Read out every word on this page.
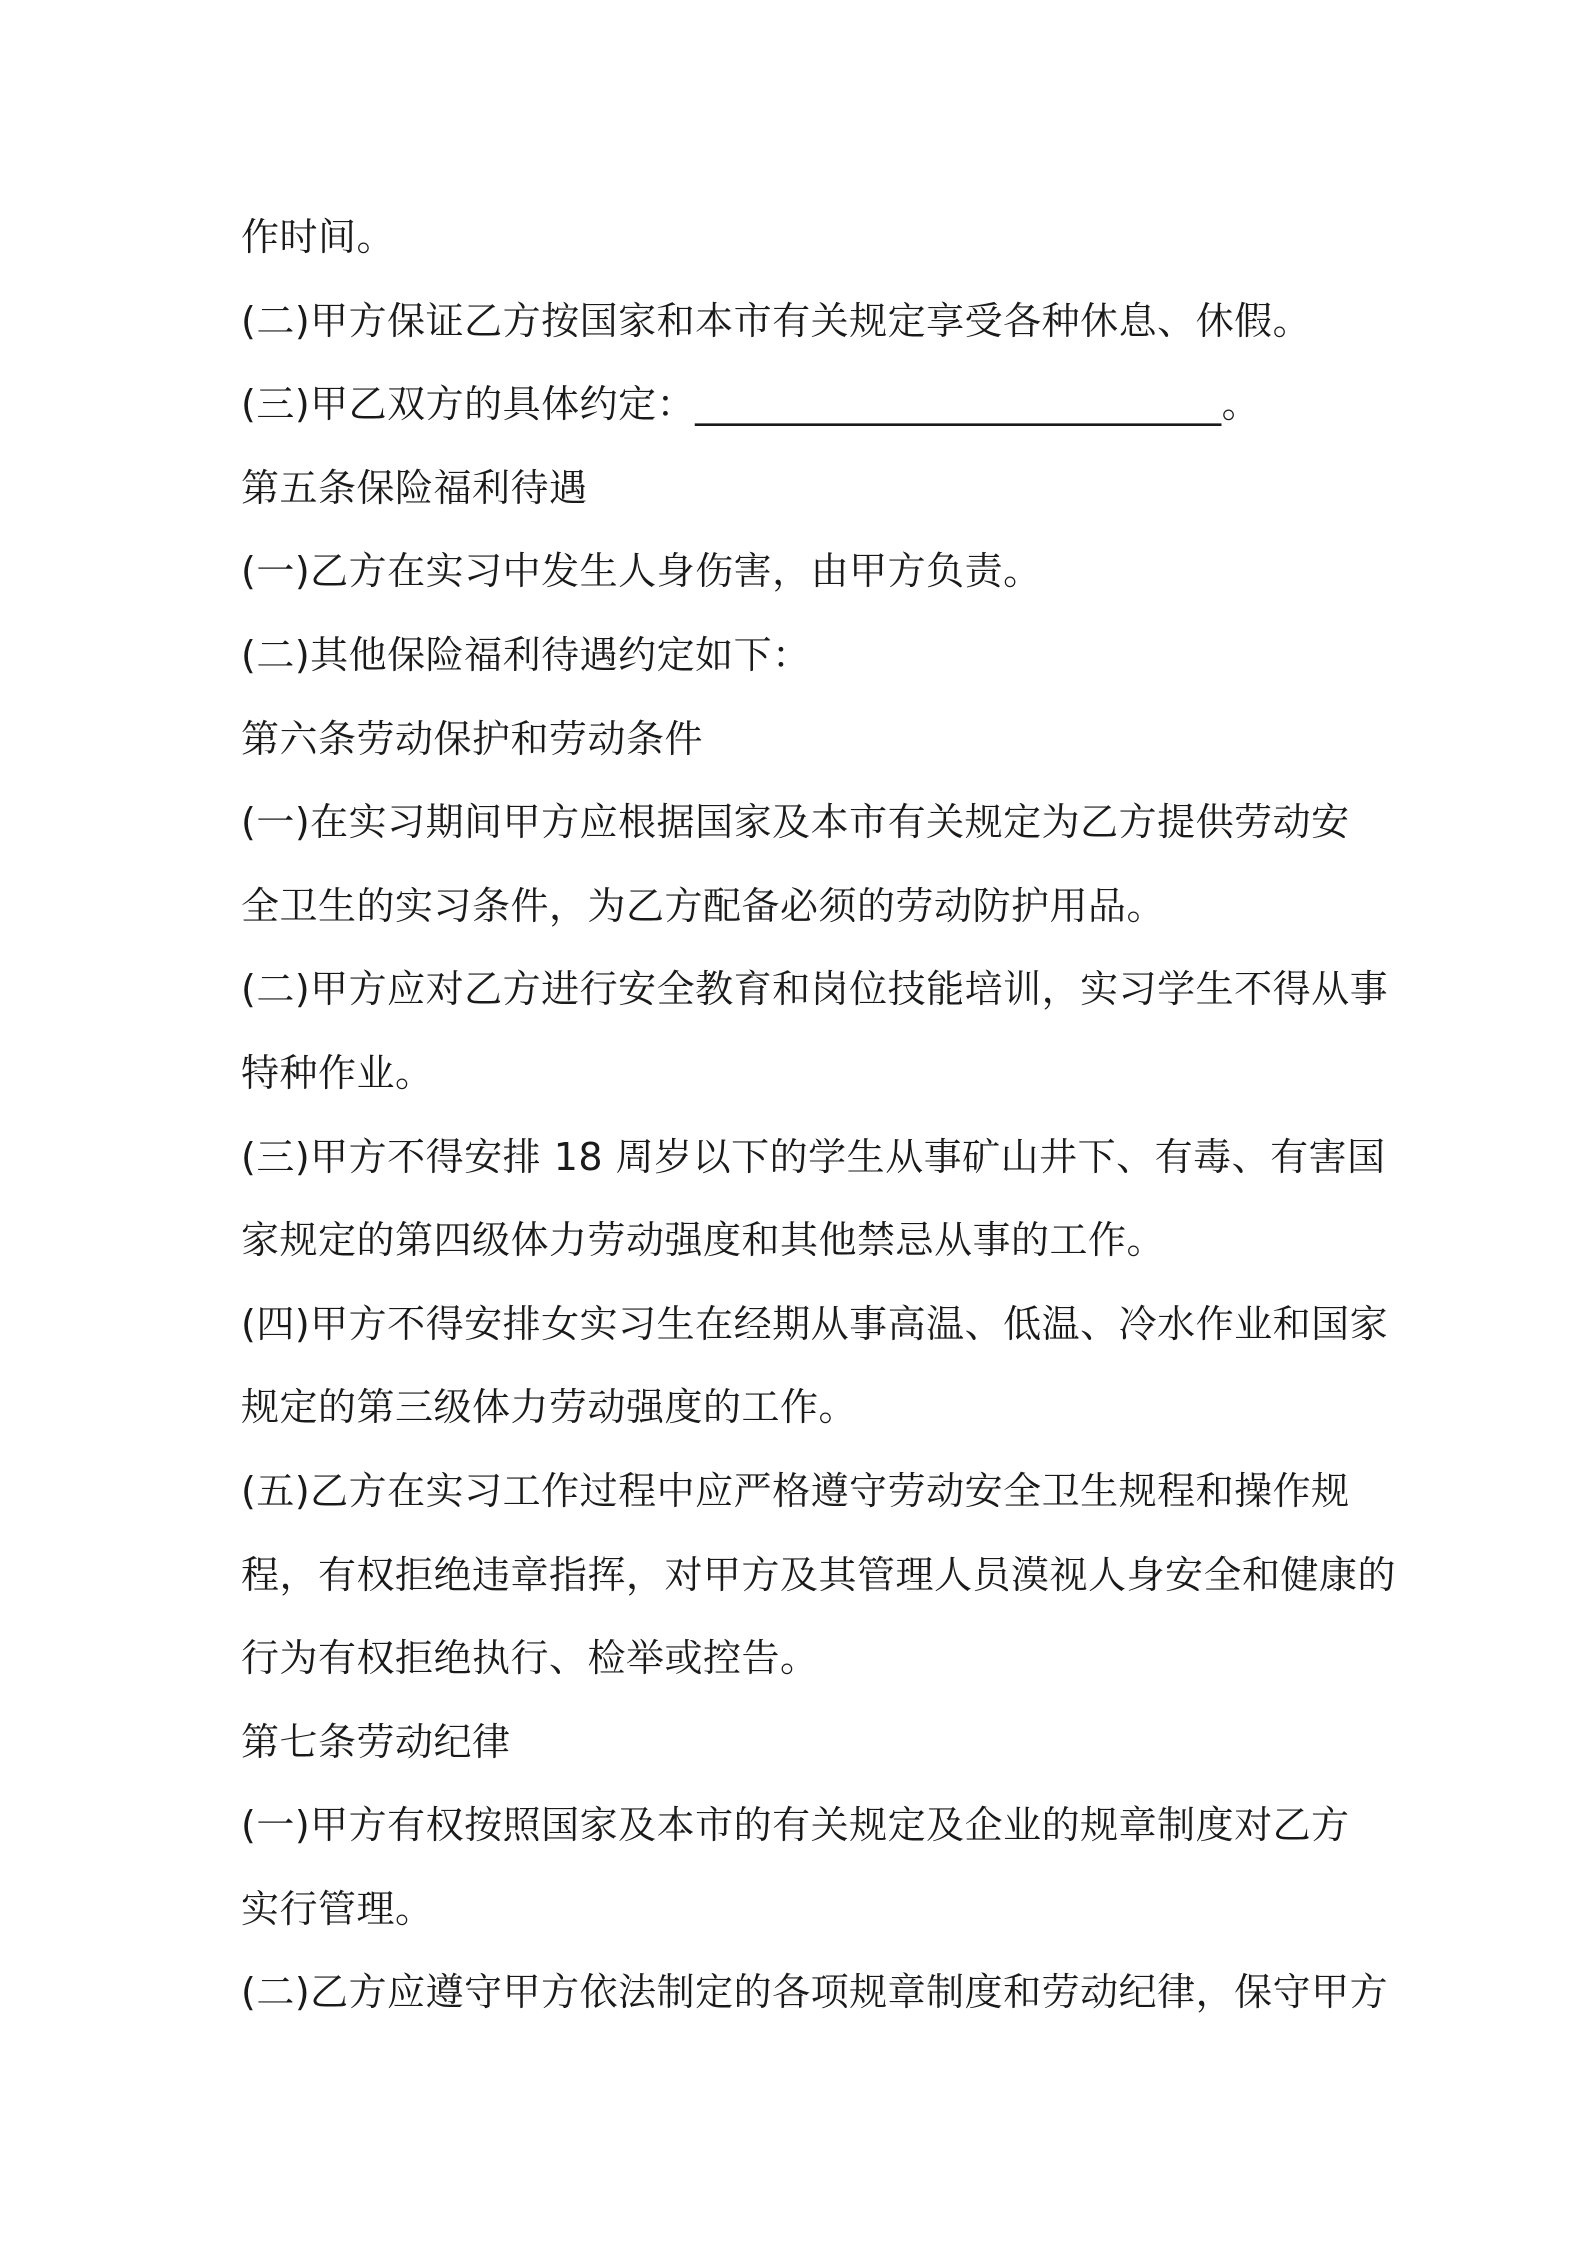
作时间。
(二)甲方保证乙方按国家和本市有关规定享受各种休息、休假。
(三)甲乙双方的具体约定：___________________________。
第五条保险福利待遇
(一)乙方在实习中发生人身伤害，由甲方负责。
(二)其他保险福利待遇约定如下：
第六条劳动保护和劳动条件
(一)在实习期间甲方应根据国家及本市有关规定为乙方提供劳动安
全卫生的实习条件，为乙方配备必须的劳动防护用品。
(二)甲方应对乙方进行安全教育和岗位技能培训，实习学生不得从事
特种作业。
(三)甲方不得安排 18 周岁以下的学生从事矿山井下、有毒、有害国
家规定的第四级体力劳动强度和其他禁忌从事的工作。
(四)甲方不得安排女实习生在经期从事高温、低温、冷水作业和国家
规定的第三级体力劳动强度的工作。
(五)乙方在实习工作过程中应严格遵守劳动安全卫生规程和操作规
程，有权拒绝违章指挥，对甲方及其管理人员漠视人身安全和健康的
行为有权拒绝执行、检举或控告。
第七条劳动纪律
(一)甲方有权按照国家及本市的有关规定及企业的规章制度对乙方
实行管理。
(二)乙方应遵守甲方依法制定的各项规章制度和劳动纪律，保守甲方
